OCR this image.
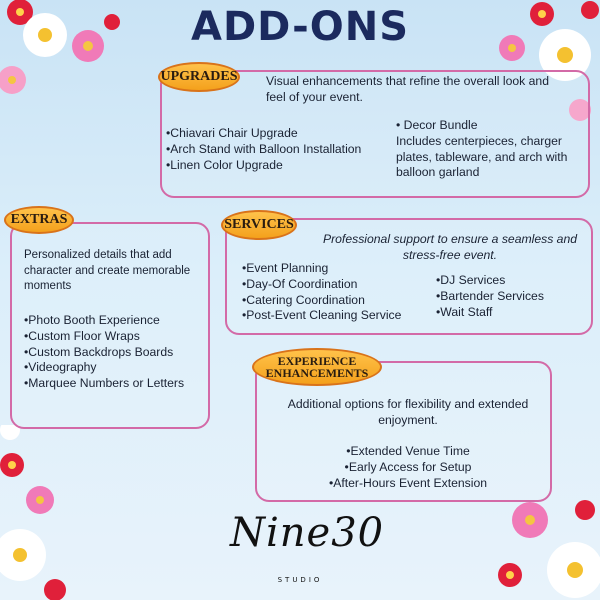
ADD-ONS
UPGRADES Visual enhancements that refine the overall look and feel of your event.
• Chiavari Chair Upgrade
• Arch Stand with Balloon Installation
• Linen Color Upgrade
• Decor Bundle
Includes centerpieces, charger plates, tableware, and arch with balloon garland
EXTRAS
Personalized details that add character and create memorable moments
• Photo Booth Experience
• Custom Floor Wraps
• Custom Backdrops Boards
• Videography
• Marquee Numbers or Letters
SERVICES
Professional support to ensure a seamless and stress-free event.
• Event Planning
• Day-Of Coordination
• Catering Coordination
• Post-Event Cleaning Service
• DJ Services
• Bartender Services
• Wait Staff
EXPERIENCE
ENHANCEMENTS
Additional options for flexibility and extended enjoyment.
• Extended Venue Time
• Early Access for Setup
• After-Hours Event Extension
Nine30
STUDIO
